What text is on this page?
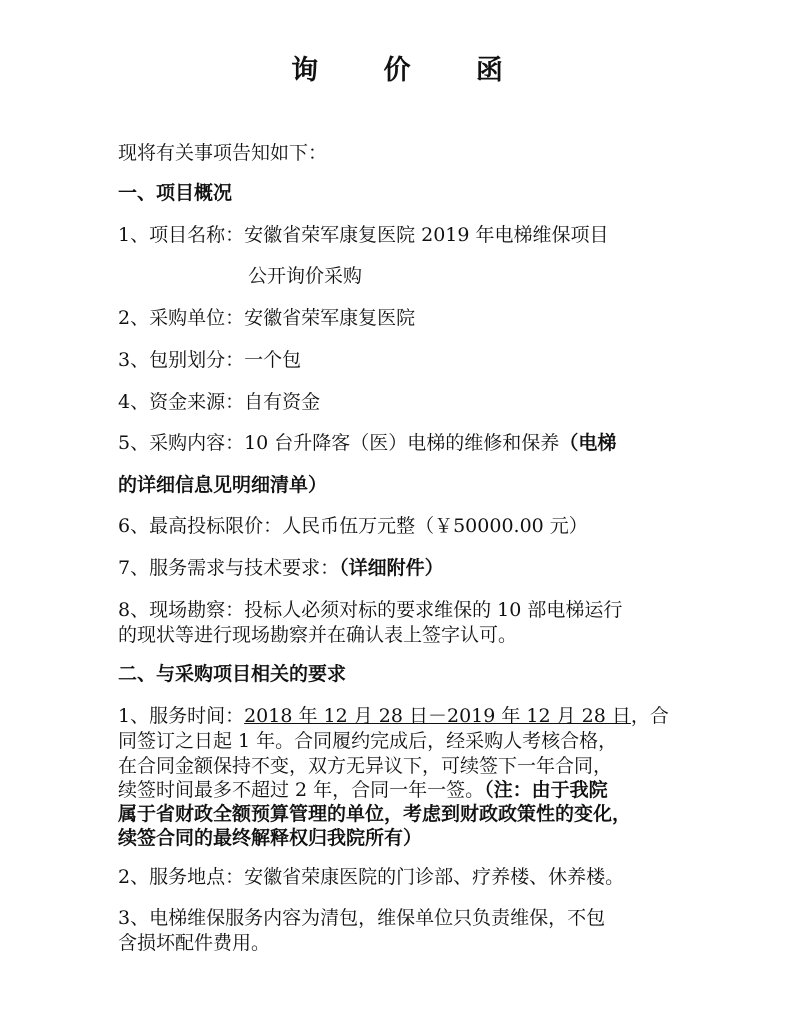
询 价 函
现将有关事项告知如下：
一、项目概况
1、项目名称：安徽省荣军康复医院 2019 年电梯维保项目
公开询价采购
2、采购单位：安徽省荣军康复医院
3、包别划分：一个包
4、资金来源：自有资金
5、采购内容：10 台升降客（医）电梯的维修和保养（电梯
的详细信息见明细清单）
6、最高投标限价：人民币伍万元整（￥50000.00 元）
7、服务需求与技术要求：（详细附件）
8、现场勘察：投标人必须对标的要求维保的 10 部电梯运行
的现状等进行现场勘察并在确认表上签字认可。
二、与采购项目相关的要求
1、服务时间：2018 年 12 月 28 日－2019 年 12 月 28 日，合
同签订之日起 1 年。合同履约完成后，经采购人考核合格，
在合同金额保持不变，双方无异议下，可续签下一年合同，
续签时间最多不超过 2 年，合同一年一签。（注：由于我院
属于省财政全额预算管理的单位，考虑到财政政策性的变化，
续签合同的最终解释权归我院所有）
2、服务地点：安徽省荣康医院的门诊部、疗养楼、休养楼。
3、电梯维保服务内容为清包，维保单位只负责维保，不包
含损坏配件费用。
